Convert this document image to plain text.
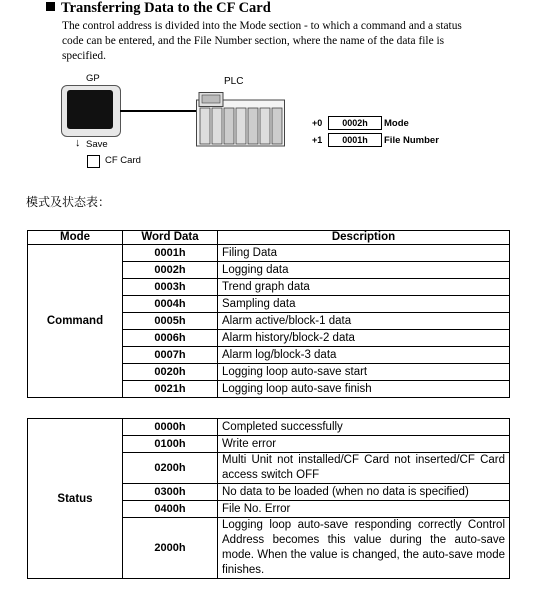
Transferring Data to the CF Card
The control address is divided into the Mode section - to which a command and a status code can be entered, and the File Number section, where the name of the data file is specified.
GP	PLC
↓ Save
CF Card
+0	0002h	Mode
+1	0001h	File Number
模式及状态表：
Mode	Word Data	Description
Command	0001h	Filing Data
	0002h	Logging data
	0003h	Trend graph data
	0004h	Sampling data
	0005h	Alarm active/block-1 data
	0006h	Alarm history/block-2 data
	0007h	Alarm log/block-3 data
	0020h	Logging loop auto-save start
	0021h	Logging loop auto-save finish
Status	0000h	Completed successfully
	0100h	Write error
	0200h	Multi Unit not installed/CF Card not inserted/CF Card access switch OFF
	0300h	No data to be loaded (when no data is specified)
	0400h	File No. Error
	2000h	Logging loop auto-save responding correctly Control Address becomes this value during the auto-save mode. When the value is changed, the auto-save mode finishes.
